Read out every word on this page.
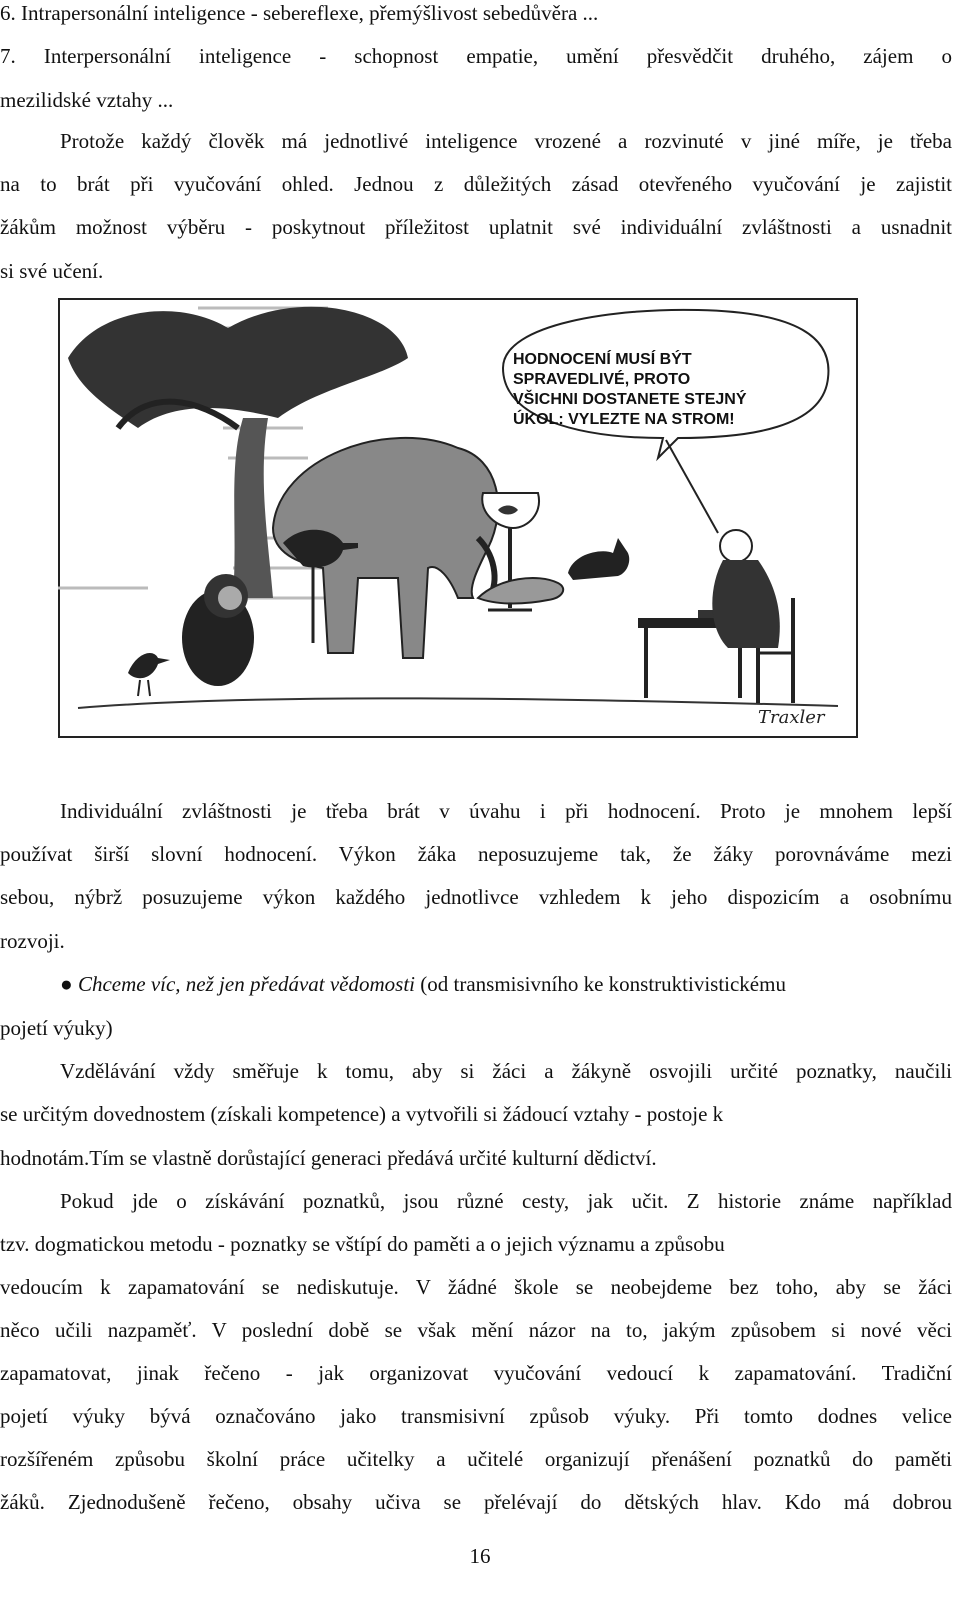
6. Intrapersonální inteligence - sebereflexe, přemýšlivost sebedůvěra ...
7. Interpersonální inteligence - schopnost empatie, umění přesvědčit druhého, zájem o
mezilidské vztahy ...
Protože každý člověk má jednotlivé inteligence vrozené a rozvinuté v jiné míře, je třeba
na to brát při vyučování ohled. Jednou z důležitých zásad otevřeného vyučování je zajistit
žákům možnost výběru - poskytnout příležitost uplatnit své individuální zvláštnosti a usnadnit
si své učení.
HODNOCENÍ MUSÍ BÝT
SPRAVEDLIVÉ, PROTO
VŠICHNI DOSTANETE STEJNÝ
ÚKOL: VYLEZTE NA STROM!
Traxler
Individuální zvláštnosti je třeba brát v úvahu i při hodnocení. Proto je mnohem lepší
používat širší slovní hodnocení. Výkon žáka neposuzujeme tak, že žáky porovnáváme mezi
sebou, nýbrž posuzujeme výkon každého jednotlivce vzhledem k jeho dispozicím a osobnímu
rozvoji.
● Chceme víc, než jen předávat vědomosti (od transmisivního ke konstruktivistickému
pojetí výuky)
Vzdělávání vždy směřuje k tomu, aby si žáci a žákyně osvojili určité poznatky, naučili
se určitým dovednostem (získali kompetence) a vytvořili si žádoucí vztahy - postoje k
hodnotám.Tím se vlastně dorůstající generaci předává určité kulturní dědictví.
Pokud jde o získávání poznatků, jsou různé cesty, jak učit. Z historie známe například
tzv. dogmatickou metodu - poznatky se vštípí do paměti a o jejich významu a způsobu
vedoucím k zapamatování se nediskutuje. V žádné škole se neobejdeme bez toho, aby se žáci
něco učili nazpaměť. V poslední době se však mění názor na to, jakým způsobem si nové věci
zapamatovat, jinak řečeno - jak organizovat vyučování vedoucí k zapamatování. Tradiční
pojetí výuky bývá označováno jako transmisivní způsob výuky. Při tomto dodnes velice
rozšířeném způsobu školní práce učitelky a učitelé organizují přenášení poznatků do paměti
žáků. Zjednodušeně řečeno, obsahy učiva se přelévají do dětských hlav. Kdo má dobrou
16
